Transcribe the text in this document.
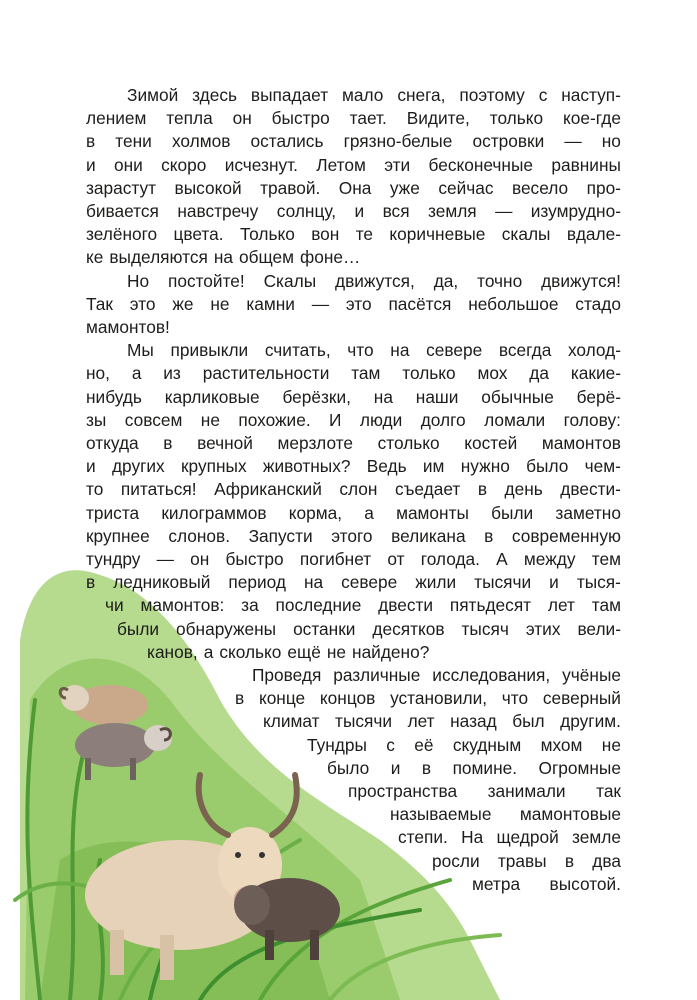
Зимой здесь выпадает мало снега, поэтому с наступ-
лением тепла он быстро тает. Видите, только кое-где
в тени холмов остались грязно-белые островки — но
и они скоро исчезнут. Летом эти бесконечные равнины
зарастут высокой травой. Она уже сейчас весело про-
бивается навстречу солнцу, и вся земля — изумрудно-
зелёного цвета. Только вон те коричневые скалы вдале-
ке выделяются на общем фоне…
Но постойте! Скалы движутся, да, точно движутся!
Так это же не камни — это пасётся небольшое стадо
мамонтов!
Мы привыкли считать, что на севере всегда холод-
но, а из растительности там только мох да какие-
нибудь карликовые берёзки, на наши обычные берё-
зы совсем не похожие. И люди долго ломали голову:
откуда в вечной мерзлоте столько костей мамонтов
и других крупных животных? Ведь им нужно было чем-
то питаться! Африканский слон съедает в день двести-
триста килограммов корма, а мамонты были заметно
крупнее слонов. Запусти этого великана в современную
тундру — он быстро погибнет от голода. А между тем
в ледниковый период на севере жили тысячи и тыся-
чи мамонтов: за последние двести пятьдесят лет там
были обнаружены останки десятков тысяч этих вели-
канов, а сколько ещё не найдено?
Проведя различные исследования, учёные
в конце концов установили, что северный
климат тысячи лет назад был другим.
Тундры с её скудным мхом не
было и в помине. Огромные
пространства занимали так
называемые мамонтовые
степи. На щедрой земле
росли травы в два
метра высотой.
